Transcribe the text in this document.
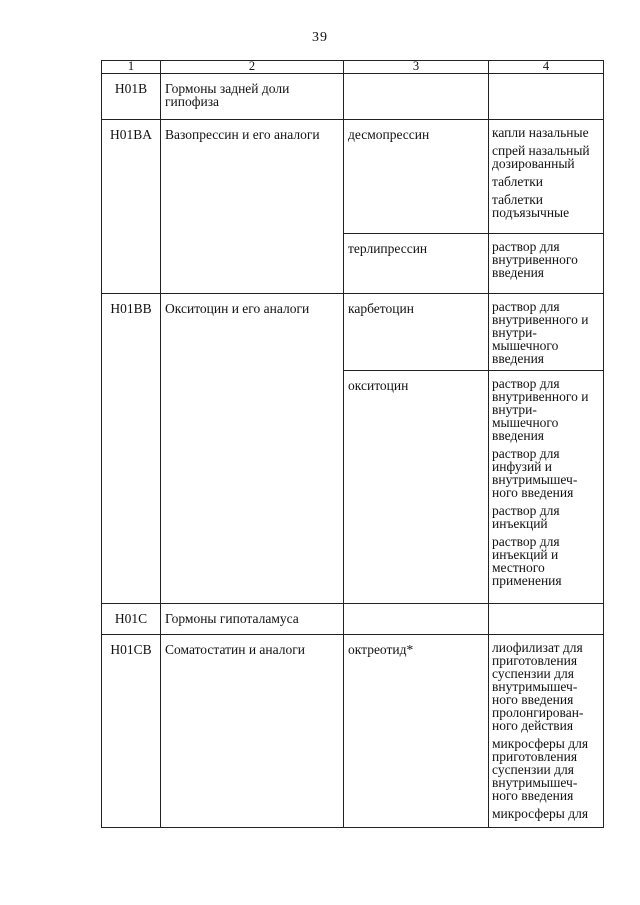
39
1	2	3	4
H01B	Гормоны задней доли гипофиза		
H01BA	Вазопрессин и его аналоги	десмопрессин	капли назальные
спрей назальный дозированный
таблетки
таблетки подъязычные

		терлипрессин	раствор для внутривенного введения

H01BB	Окситоцин и его аналоги	карбетоцин	раствор для внутривенного и внутри-мышечного введения

		окситоцин	раствор для внутривенного и внутри-мышечного введения
раствор для инфузий и внутримышеч-ного введения
раствор для инъекций
раствор для инъекций и местного применения

H01C	Гормоны гипоталамуса		
H01CB	Соматостатин и аналоги	октреотид*	лиофилизат для приготовления суспензии для внутримышеч-ного введения пролонгирован-ного действия
микросферы для приготовления суспензии для внутримышеч-ного введения
микросферы для
